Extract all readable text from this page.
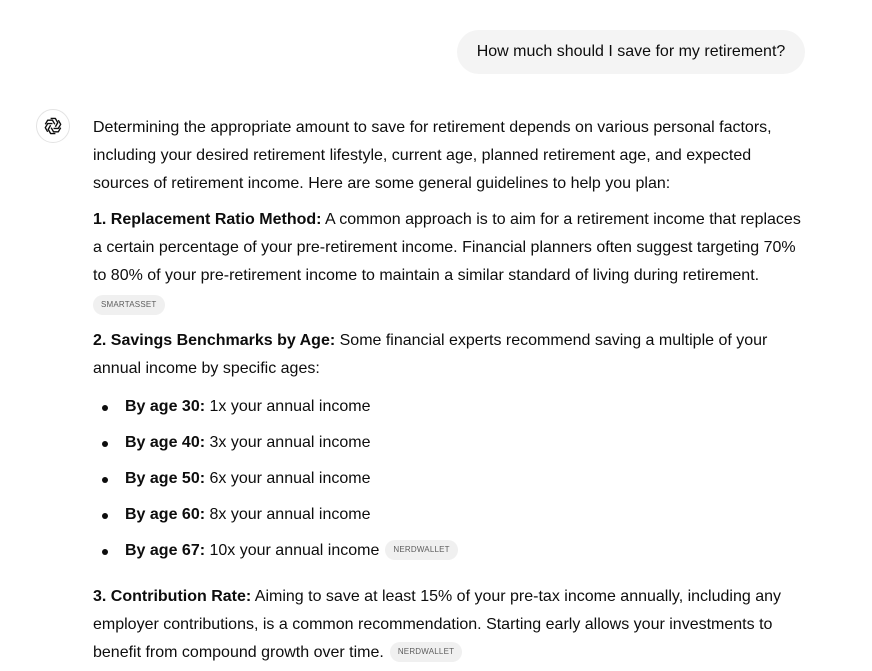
How much should I save for my retirement?

Determining the appropriate amount to save for retirement depends on various personal factors, including your desired retirement lifestyle, current age, planned retirement age, and expected sources of retirement income. Here are some general guidelines to help you plan:

1. Replacement Ratio Method: A common approach is to aim for a retirement income that replaces a certain percentage of your pre-retirement income. Financial planners often suggest targeting 70% to 80% of your pre-retirement income to maintain a similar standard of living during retirement.
SMARTASSET

2. Savings Benchmarks by Age: Some financial experts recommend saving a multiple of your annual income by specific ages:

By age 30: 1x your annual income
By age 40: 3x your annual income
By age 50: 6x your annual income
By age 60: 8x your annual income
By age 67: 10x your annual income NERDWALLET

3. Contribution Rate: Aiming to save at least 15% of your pre-tax income annually, including any employer contributions, is a common recommendation. Starting early allows your investments to benefit from compound growth over time. NERDWALLET
